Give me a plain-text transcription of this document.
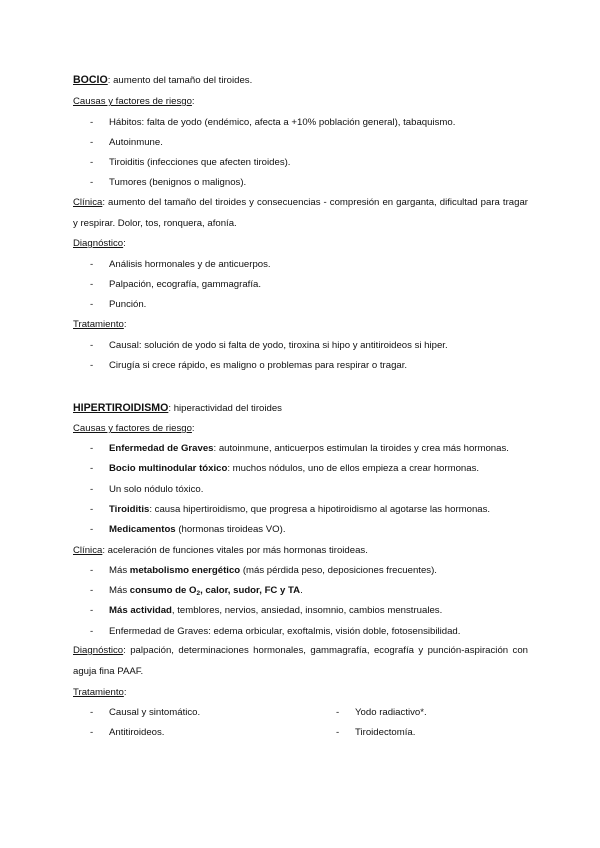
BOCIO: aumento del tamaño del tiroides.
Causas y factores de riesgo:
- Hábitos: falta de yodo (endémico, afecta a +10% población general), tabaquismo.
- Autoinmune.
- Tiroiditis (infecciones que afecten tiroides).
- Tumores (benignos o malignos).
Clínica: aumento del tamaño del tiroides y consecuencias - compresión en garganta, dificultad para tragar y respirar. Dolor, tos, ronquera, afonía.
Diagnóstico:
- Análisis hormonales y de anticuerpos.
- Palpación, ecografía, gammagrafía.
- Punción.
Tratamiento:
- Causal: solución de yodo si falta de yodo, tiroxina si hipo y antitiroideos si hiper.
- Cirugía si crece rápido, es maligno o problemas para respirar o tragar.
HIPERTIROIDISMO: hiperactividad del tiroides
Causas y factores de riesgo:
- Enfermedad de Graves: autoinmune, anticuerpos estimulan la tiroides y crea más hormonas.
- Bocio multinodular tóxico: muchos nódulos, uno de ellos empieza a crear hormonas.
- Un solo nódulo tóxico.
- Tiroiditis: causa hipertiroidismo, que progresa a hipotiroidismo al agotarse las hormonas.
- Medicamentos (hormonas tiroideas VO).
Clínica: aceleración de funciones vitales por más hormonas tiroideas.
- Más metabolismo energético (más pérdida peso, deposiciones frecuentes).
- Más consumo de $O_2$, calor, sudor, FC y TA.
- Más actividad, temblores, nervios, ansiedad, insomnio, cambios menstruales.
- Enfermedad de Graves: edema orbicular, exoftalmis, visión doble, fotosensibilidad.
Diagnóstico: palpación, determinaciones hormonales, gammagrafía, ecografía y punción-aspiración con aguja fina PAAF.
Tratamiento:
- Causal y sintomático.
- Antitiroideos.
- Yodo radiactivo*.
- Tiroidectomía.
